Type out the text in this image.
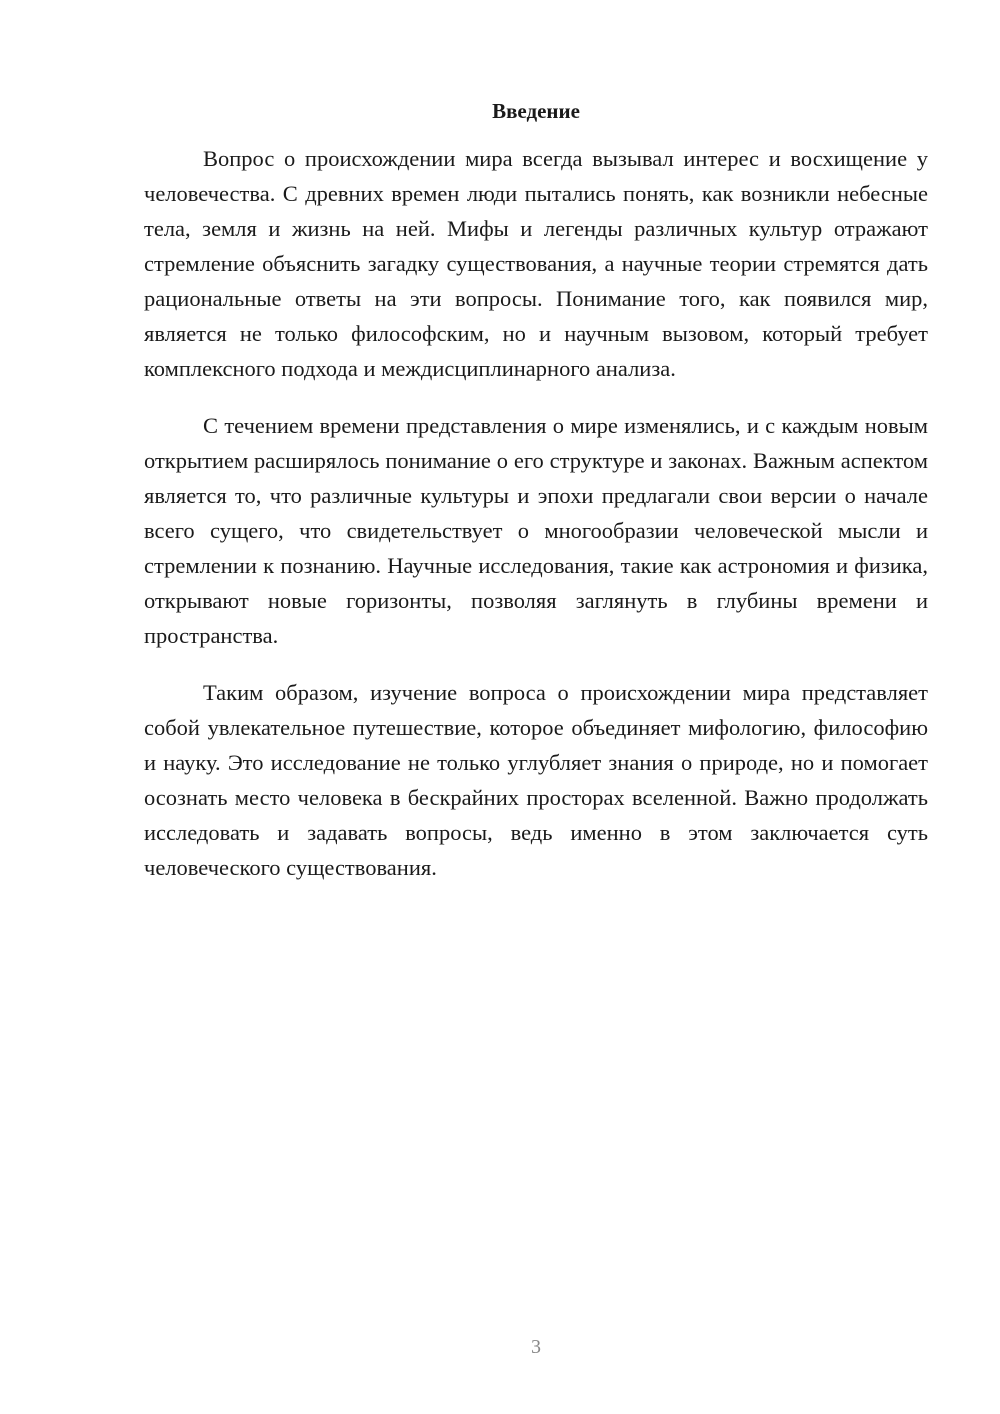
Введение

Вопрос о происхождении мира всегда вызывал интерес и восхищение у человечества. С древних времен люди пытались понять, как возникли небесные тела, земля и жизнь на ней. Мифы и легенды различных культур отражают стремление объяснить загадку существования, а научные теории стремятся дать рациональные ответы на эти вопросы. Понимание того, как появился мир, является не только философским, но и научным вызовом, который требует комплексного подхода и междисциплинарного анализа.

С течением времени представления о мире изменялись, и с каждым новым открытием расширялось понимание о его структуре и законах. Важным аспектом является то, что различные культуры и эпохи предлагали свои версии о начале всего сущего, что свидетельствует о многообразии человеческой мысли и стремлении к познанию. Научные исследования, такие как астрономия и физика, открывают новые горизонты, позволяя заглянуть в глубины времени и пространства.

Таким образом, изучение вопроса о происхождении мира представляет собой увлекательное путешествие, которое объединяет мифологию, философию и науку. Это исследование не только углубляет знания о природе, но и помогает осознать место человека в бескрайних просторах вселенной. Важно продолжать исследовать и задавать вопросы, ведь именно в этом заключается суть человеческого существования.

3
